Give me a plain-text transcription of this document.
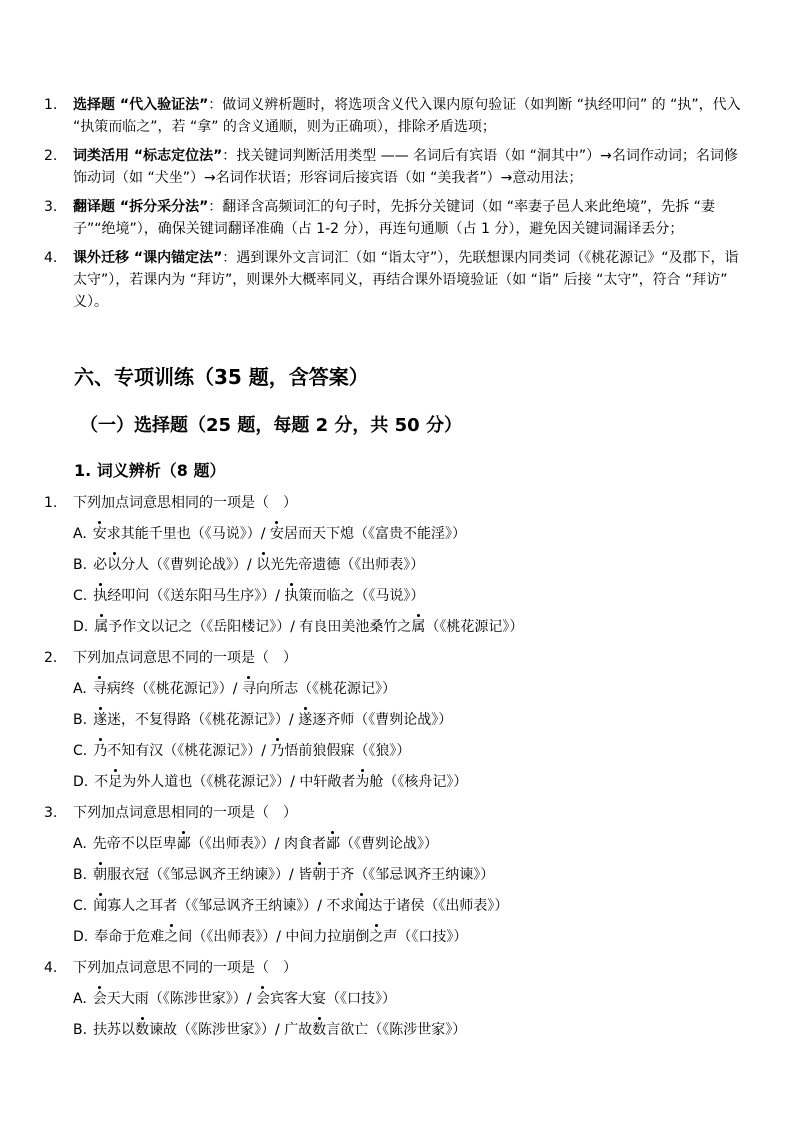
1. 选择题 “代入验证法”：做词义辨析题时，将选项含义代入课内原句验证（如判断 “执经叩问” 的 “执”，代入 “执策而临之”，若 “拿” 的含义通顺，则为正确项），排除矛盾选项；
2. 词类活用 “标志定位法”：找关键词判断活用类型 —— 名词后有宾语（如 “洞其中”）→名词作动词；名词修饰动词（如 “犬坐”）→名词作状语；形容词后接宾语（如 “美我者”）→意动用法；
3. 翻译题 “拆分采分法”：翻译含高频词汇的句子时，先拆分关键词（如 “率妻子邑人来此绝境”，先拆 “妻子”“绝境”），确保关键词翻译准确（占 1-2 分），再连句通顺（占 1 分），避免因关键词漏译丢分；
4. 课外迁移 “课内锚定法”：遇到课外文言词汇（如 “诣太守”），先联想课内同类词（《桃花源记》“及郡下，诣太守”），若课内为 “拜访”，则课外大概率同义，再结合课外语境验证（如 “诣” 后接 “太守”，符合 “拜访” 义）。
六、专项训练（35 题，含答案）
（一）选择题（25 题，每题 2 分，共 50 分）
1. 词义辨析（8 题）
1. 下列加点词意思相同的一项是（　）
A. 安求其能千里也（《马说》）/ 安居而天下熄（《富贵不能淫》）
B. 必以分人（《曹刿论战》）/ 以光先帝遗德（《出师表》）
C. 执经叩问（《送东阳马生序》）/ 执策而临之（《马说》）
D. 属予作文以记之（《岳阳楼记》）/ 有良田美池桑竹之属（《桃花源记》）
2. 下列加点词意思不同的一项是（　）
A. 寻病终（《桃花源记》）/ 寻向所志（《桃花源记》）
B. 遂迷，不复得路（《桃花源记》）/ 遂逐齐师（《曹刿论战》）
C. 乃不知有汉（《桃花源记》）/ 乃悟前狼假寐（《狼》）
D. 不足为外人道也（《桃花源记》）/ 中轩敞者为舱（《核舟记》）
3. 下列加点词意思相同的一项是（　）
A. 先帝不以臣卑鄙（《出师表》）/ 肉食者鄙（《曹刿论战》）
B. 朝服衣冠（《邹忌讽齐王纳谏》）/ 皆朝于齐（《邹忌讽齐王纳谏》）
C. 闻寡人之耳者（《邹忌讽齐王纳谏》）/ 不求闻达于诸侯（《出师表》）
D. 奉命于危难之间（《出师表》）/ 中间力拉崩倒之声（《口技》）
4. 下列加点词意思不同的一项是（　）
A. 会天大雨（《陈涉世家》）/ 会宾客大宴（《口技》）
B. 扶苏以数谏故（《陈涉世家》）/ 广故数言欲亡（《陈涉世家》）
